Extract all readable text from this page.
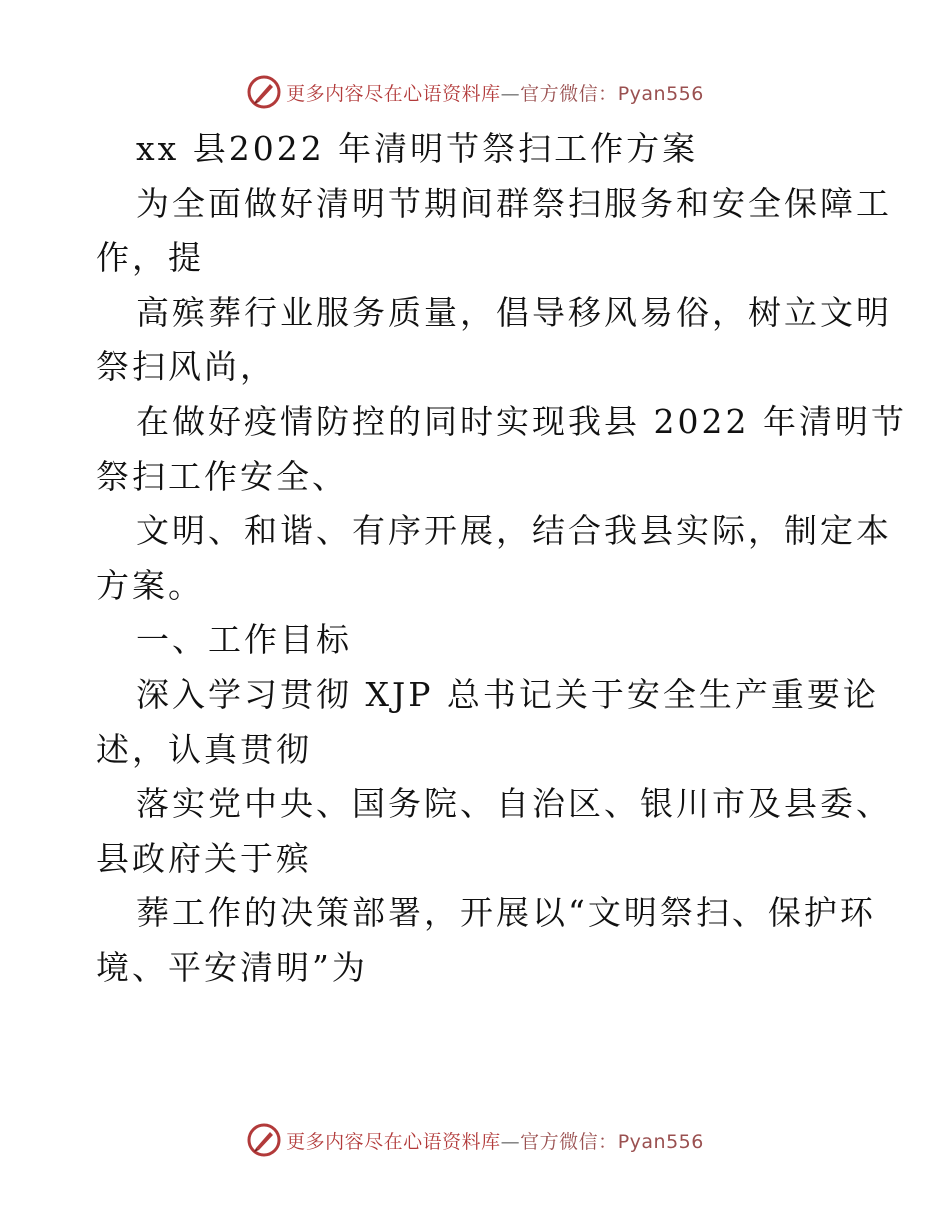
更多内容尽在心语资料库—官方微信：Pyan556
xx 县2022 年清明节祭扫工作方案
为全面做好清明节期间群祭扫服务和安全保障工
作，提
高殡葬行业服务质量，倡导移风易俗，树立文明
祭扫风尚，
在做好疫情防控的同时实现我县 2022 年清明节
祭扫工作安全、
文明、和谐、有序开展，结合我县实际，制定本
方案。
一、工作目标
深入学习贯彻 XJP 总书记关于安全生产重要论
述，认真贯彻
落实党中央、国务院、自治区、银川市及县委、
县政府关于殡
葬工作的决策部署，开展以“文明祭扫、保护环
境、平安清明”为
更多内容尽在心语资料库—官方微信：Pyan556
